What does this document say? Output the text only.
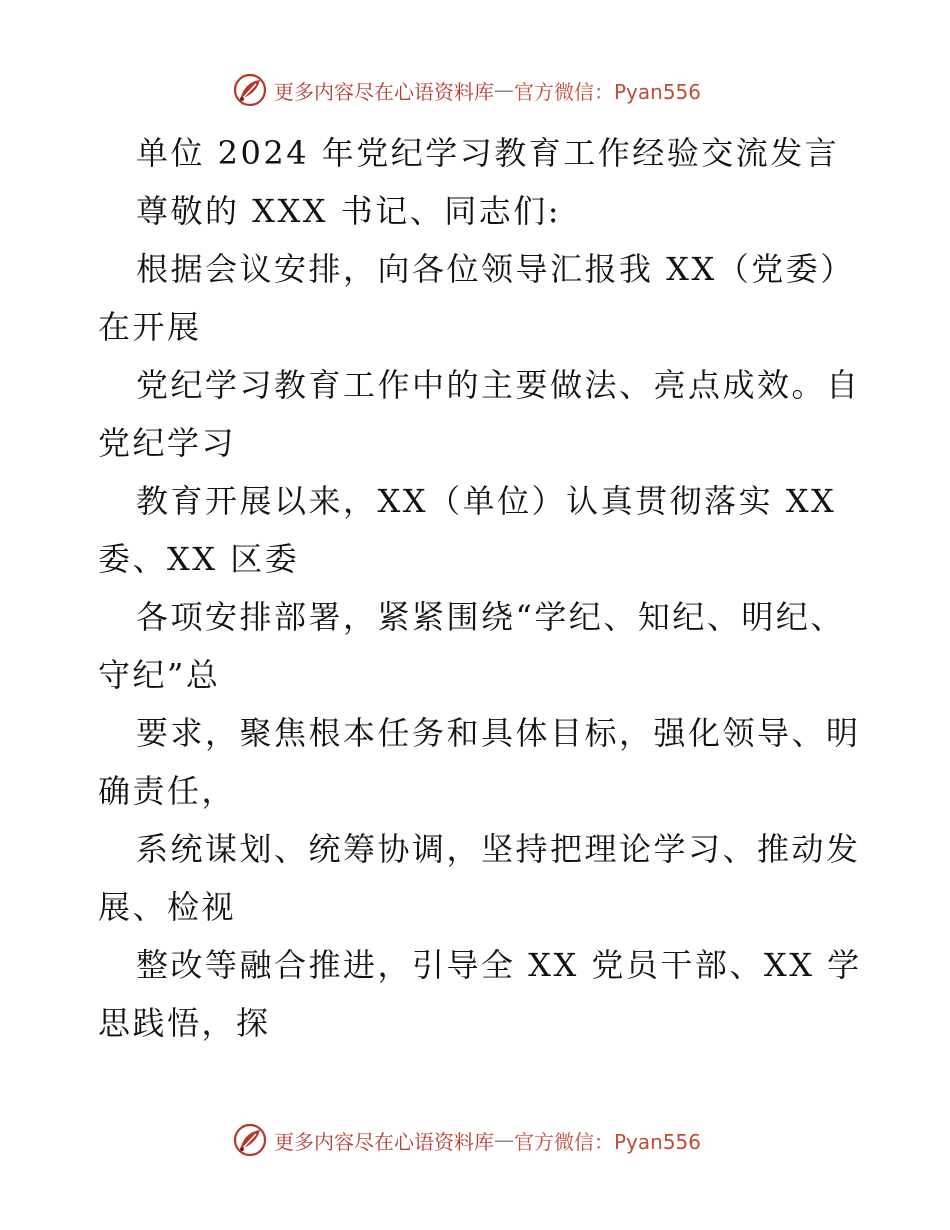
更多内容尽在心语资料库 — 官方微信：Pyan556
单位 2024 年党纪学习教育工作经验交流发言
尊敬的 XXX 书记、同志们:
根据会议安排，向各位领导汇报我 XX（党委）
在开展
党纪学习教育工作中的主要做法、亮点成效。自
党纪学习
教育开展以来，XX（单位）认真贯彻落实 XX
委、XX 区委
各项安排部署，紧紧围绕“学纪、知纪、明纪、
守纪”总
要求，聚焦根本任务和具体目标，强化领导、明
确责任，
系统谋划、统筹协调，坚持把理论学习、推动发
展、检视
整改等融合推进，引导全 XX 党员干部、XX 学
思践悟，探
更多内容尽在心语资料库 — 官方微信：Pyan556
